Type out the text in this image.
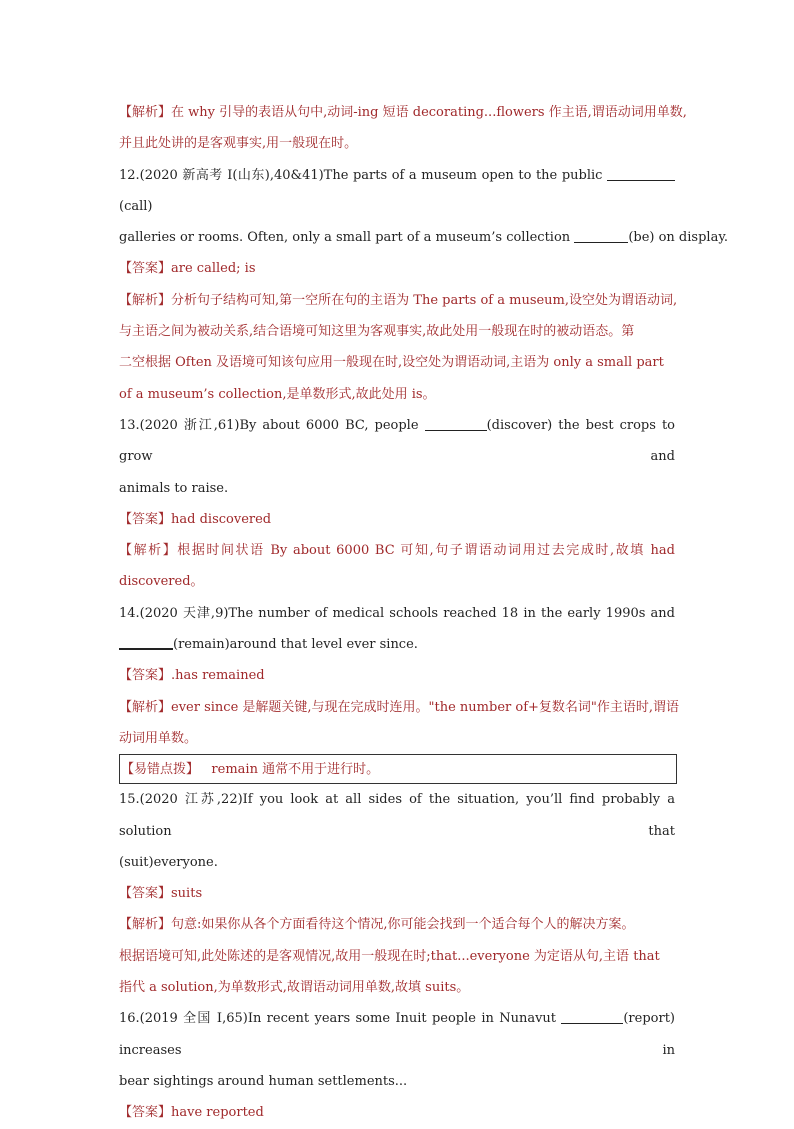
【解析】在 why 引导的表语从句中,动词-ing 短语 decorating...flowers 作主语,谓语动词用单数,
并且此处讲的是客观事实,用一般现在时。
12.(2020 新高考 I(山东),40&41)The parts of a museum open to the public (call)
galleries or rooms. Often, only a small part of a museum’s collection	(be) on display.
【答案】are called; is
【解析】分析句子结构可知,第一空所在句的主语为 The parts of a museum,设空处为谓语动词,
与主语之间为被动关系,结合语境可知这里为客观事实,故此处用一般现在时的被动语态。第
二空根据 Often 及语境可知该句应用一般现在时,设空处为谓语动词,主语为 only a small part
of a museum’s collection,是单数形式,故此处用 is。
13.(2020 浙江,61)By about 6000 BC, people	(discover) the best crops to grow and
animals to raise.
【答案】had discovered
【解析】根据时间状语 By about 6000 BC 可知,句子谓语动词用过去完成时,故填 had
discovered。
14.(2020 天津,9)The number of medical schools reached 18 in the early 1990s and
(remain)around that level ever since.
【答案】.has remained
【解析】ever since 是解题关键,与现在完成时连用。"the number of+复数名词"作主语时,谓语
动词用单数。
【易错点拨】 remain 通常不用于进行时。
15.(2020 江苏,22)If you look at all sides of the situation, you’ll find probably a solution that
(suit)everyone.
【答案】suits
【解析】句意:如果你从各个方面看待这个情况,你可能会找到一个适合每个人的解决方案。
根据语境可知,此处陈述的是客观情况,故用一般现在时;that...everyone 为定语从句,主语 that
指代 a solution,为单数形式,故谓语动词用单数,故填 suits。
16.(2019 全国 I,65)In recent years some Inuit people in Nunavut	(report) increases in
bear sightings around human settlements...
【答案】have reported
